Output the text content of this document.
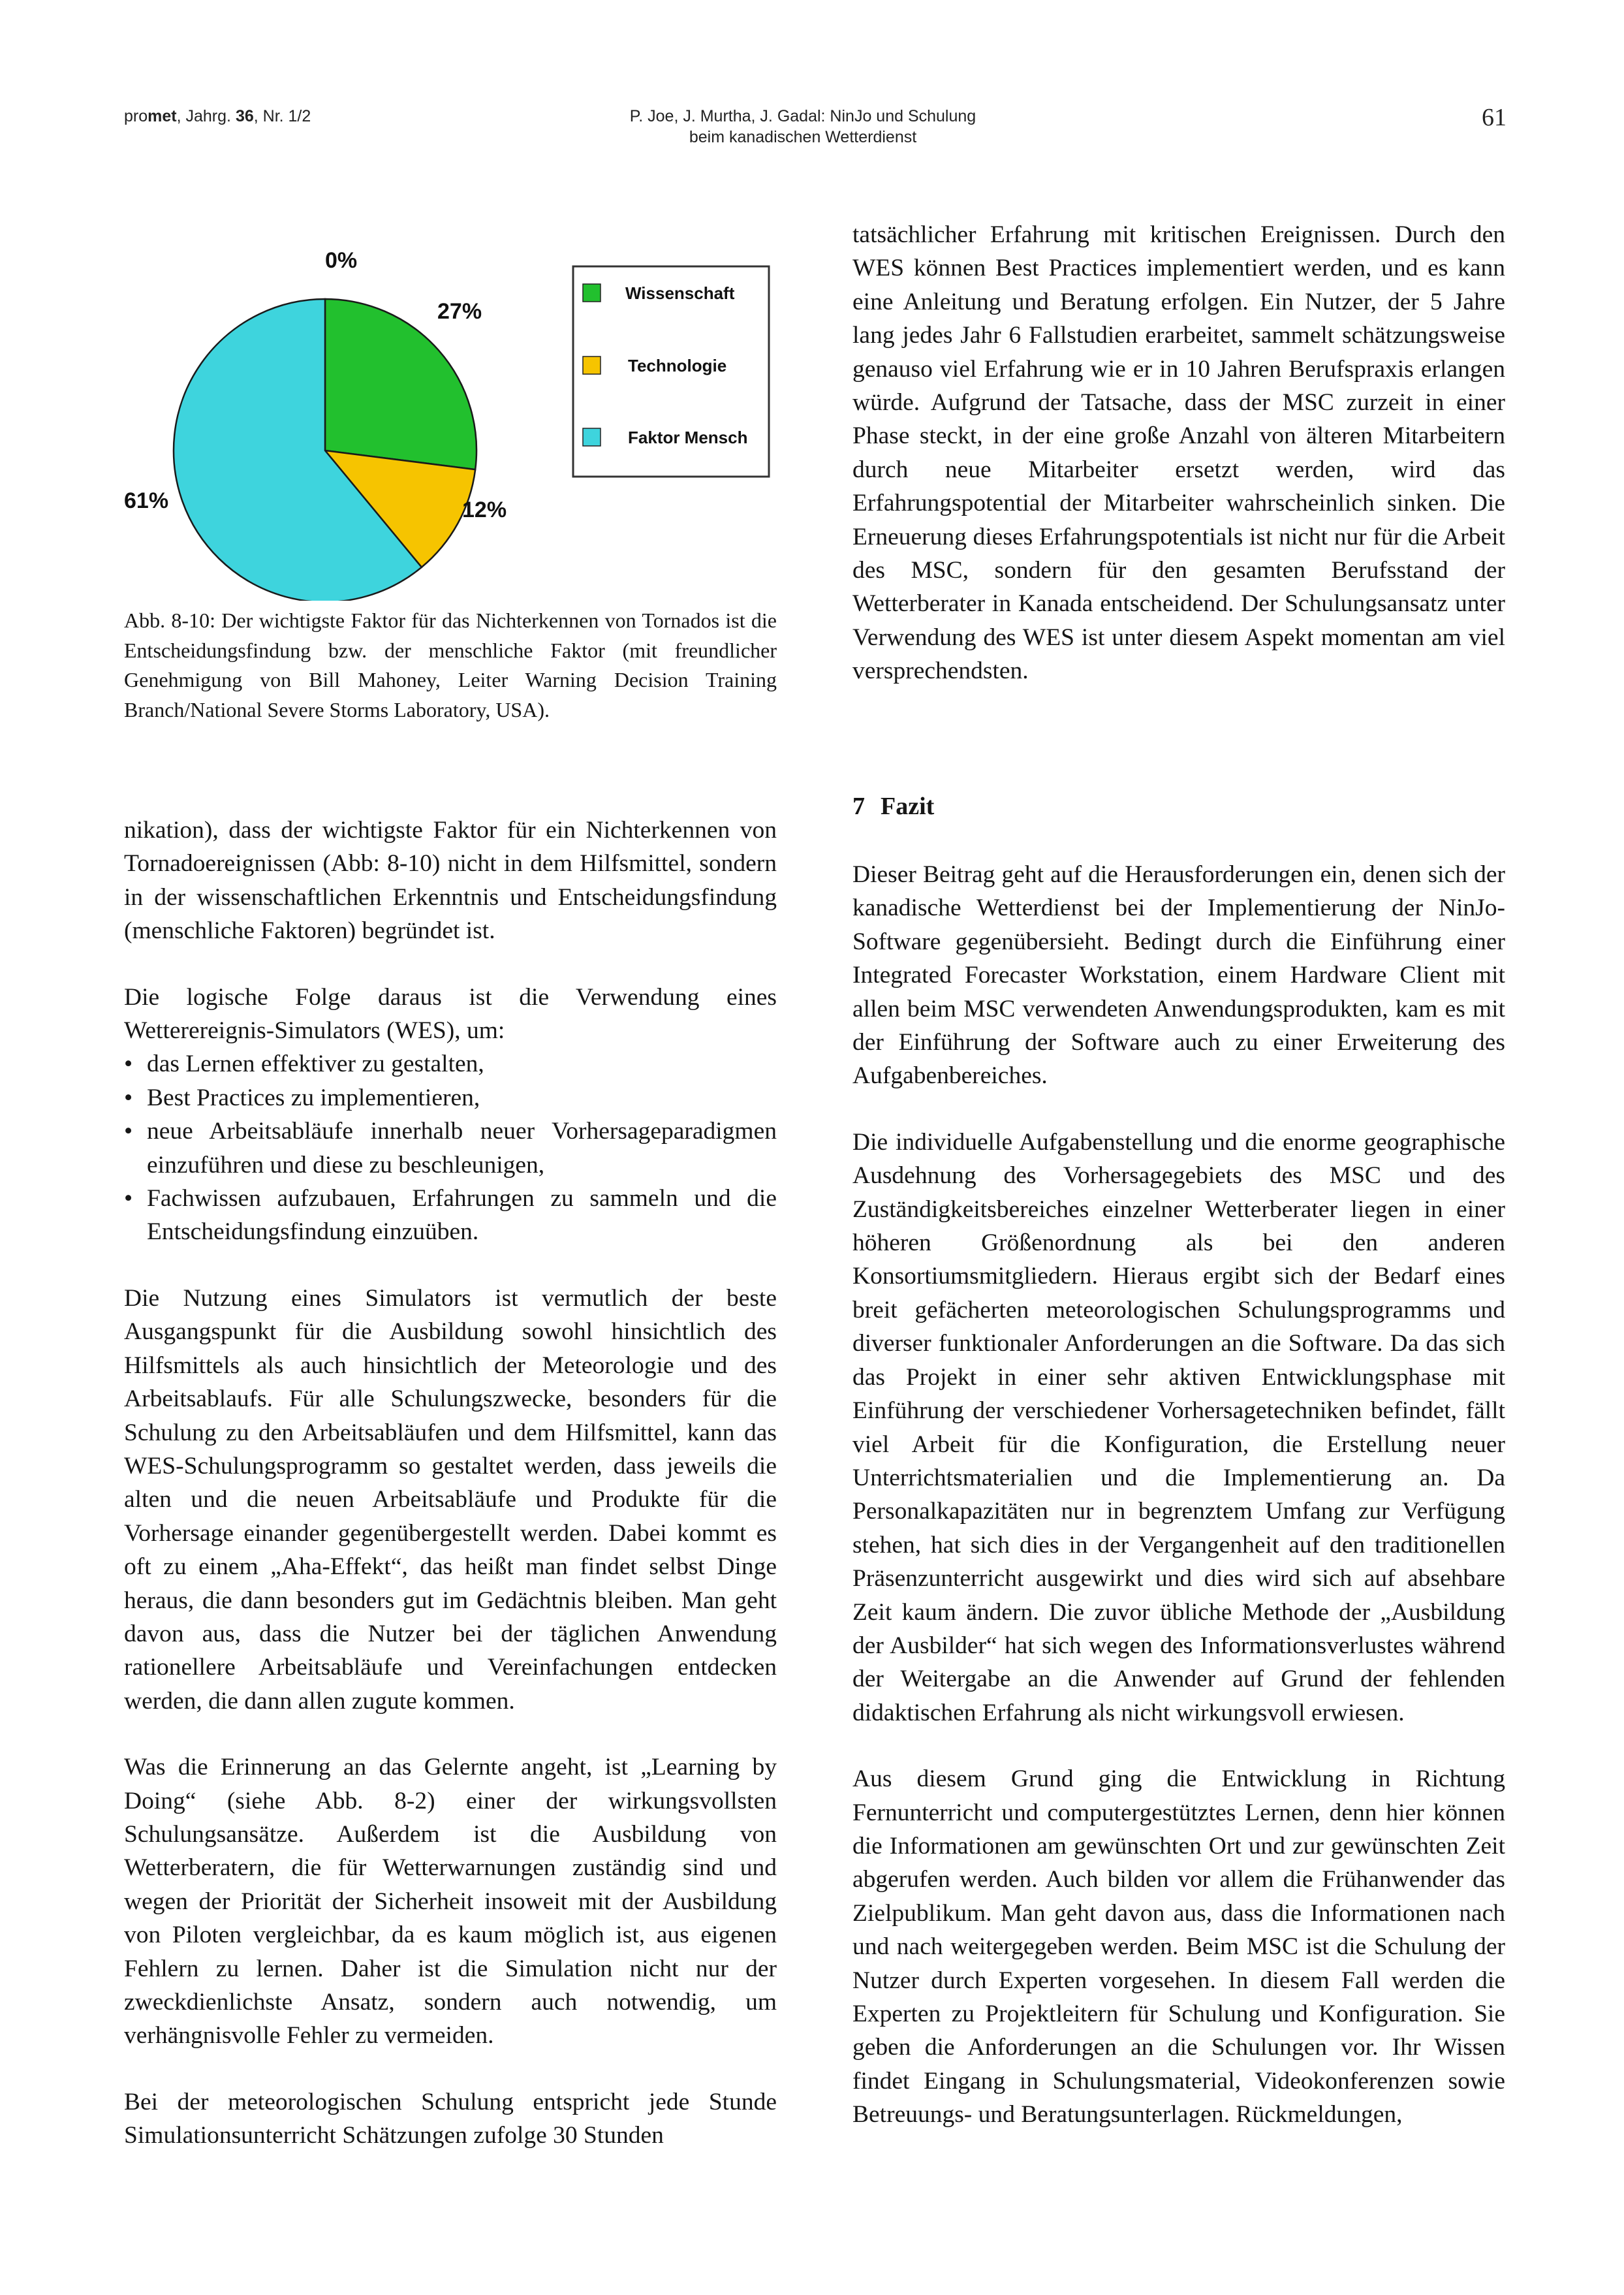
promet, Jahrg. 36, Nr. 1/2	P. Joe, J. Murtha, J. Gadal: NinJo und Schulung
beim kanadischen Wetterdienst
61
0%
27%
12%
61%
Wissenschaft
Technologie
Faktor Mensch
Abb. 8-10: Der wichtigste Faktor für das Nichterkennen von Tornados ist die Entscheidungsfindung bzw. der menschliche Faktor (mit freundlicher Genehmigung von Bill Mahoney, Leiter Warning Decision Training Branch/National Severe Storms Laboratory, USA).

nikation), dass der wichtigste Faktor für ein Nichterkennen von Tornadoereignissen (Abb: 8-10) nicht in dem Hilfsmittel, sondern in der wissenschaftlichen Erkenntnis und Entscheidungsfindung (menschliche Faktoren) begründet ist.

Die logische Folge daraus ist die Verwendung eines Wetterereignis-Simulators (WES), um:

• das Lernen effektiver zu gestalten,
• Best Practices zu implementieren,
• neue Arbeitsabläufe innerhalb neuer Vorhersageparadigmen einzuführen und diese zu beschleunigen,
• Fachwissen aufzubauen, Erfahrungen zu sammeln und die Entscheidungsfindung einzuüben.

Die Nutzung eines Simulators ist vermutlich der beste Ausgangspunkt für die Ausbildung sowohl hinsichtlich des Hilfsmittels als auch hinsichtlich der Meteorologie und des Arbeitsablaufs. Für alle Schulungszwecke, besonders für die Schulung zu den Arbeitsabläufen und dem Hilfsmittel, kann das WES-Schulungsprogramm so gestaltet werden, dass jeweils die alten und die neuen Arbeitsabläufe und Produkte für die Vorhersage einander gegenübergestellt werden. Dabei kommt es oft zu einem „Aha-Effekt“, das heißt man findet selbst Dinge heraus, die dann besonders gut im Gedächtnis bleiben. Man geht davon aus, dass die Nutzer bei der täglichen Anwendung rationellere Arbeitsabläufe und Vereinfachungen entdecken werden, die dann allen zugute kommen.

Was die Erinnerung an das Gelernte angeht, ist „Learning by Doing“ (siehe Abb. 8-2) einer der wirkungsvollsten Schulungsansätze. Außerdem ist die Ausbildung von Wetterberatern, die für Wetterwarnungen zuständig sind und wegen der Priorität der Sicherheit insoweit mit der Ausbildung von Piloten vergleichbar, da es kaum möglich ist, aus eigenen Fehlern zu lernen. Daher ist die Simulation nicht nur der zweckdienlichste Ansatz, sondern auch notwendig, um verhängnisvolle Fehler zu vermeiden.

Bei der meteorologischen Schulung entspricht jede Stunde Simulationsunterricht Schätzungen zufolge 30 Stunden

tatsächlicher Erfahrung mit kritischen Ereignissen. Durch den WES können Best Practices implementiert werden, und es kann eine Anleitung und Beratung erfolgen. Ein Nutzer, der 5 Jahre lang jedes Jahr 6 Fallstudien erarbeitet, sammelt schätzungsweise genauso viel Erfahrung wie er in 10 Jahren Berufspraxis erlangen würde. Aufgrund der Tatsache, dass der MSC zurzeit in einer Phase steckt, in der eine große Anzahl von älteren Mitarbeitern durch neue Mitarbeiter ersetzt werden, wird das Erfahrungspotential der Mitarbeiter wahrscheinlich sinken. Die Erneuerung dieses Erfahrungspotentials ist nicht nur für die Arbeit des MSC, sondern für den gesamten Berufsstand der Wetterberater in Kanada entscheidend. Der Schulungsansatz unter Verwendung des WES ist unter diesem Aspekt momentan am viel versprechendsten.

7 Fazit

Dieser Beitrag geht auf die Herausforderungen ein, denen sich der kanadische Wetterdienst bei der Implementierung der NinJo-Software gegenübersieht. Bedingt durch die Einführung einer Integrated Forecaster Workstation, einem Hardware Client mit allen beim MSC verwendeten Anwendungsprodukten, kam es mit der Einführung der Software auch zu einer Erweiterung des Aufgabenbereiches.

Die individuelle Aufgabenstellung und die enorme geographische Ausdehnung des Vorhersagegebiets des MSC und des Zuständigkeitsbereiches einzelner Wetterberater liegen in einer höheren Größenordnung als bei den anderen Konsortiumsmitgliedern. Hieraus ergibt sich der Bedarf eines breit gefächerten meteorologischen Schulungsprogramms und diverser funktionaler Anforderungen an die Software. Da das sich das Projekt in einer sehr aktiven Entwicklungsphase mit Einführung der verschiedener Vorhersagetechniken befindet, fällt viel Arbeit für die Konfiguration, die Erstellung neuer Unterrichtsmaterialien und die Implementierung an. Da Personalkapazitäten nur in begrenztem Umfang zur Verfügung stehen, hat sich dies in der Vergangenheit auf den traditionellen Präsenzunterricht ausgewirkt und dies wird sich auf absehbare Zeit kaum ändern. Die zuvor übliche Methode der „Ausbildung der Ausbilder“ hat sich wegen des Informationsverlustes während der Weitergabe an die Anwender auf Grund der fehlenden didaktischen Erfahrung als nicht wirkungsvoll erwiesen.

Aus diesem Grund ging die Entwicklung in Richtung Fernunterricht und computergestütztes Lernen, denn hier können die Informationen am gewünschten Ort und zur gewünschten Zeit abgerufen werden. Auch bilden vor allem die Frühanwender das Zielpublikum. Man geht davon aus, dass die Informationen nach und nach weitergegeben werden. Beim MSC ist die Schulung der Nutzer durch Experten vorgesehen. In diesem Fall werden die Experten zu Projektleitern für Schulung und Konfiguration. Sie geben die Anforderungen an die Schulungen vor. Ihr Wissen findet Eingang in Schulungsmaterial, Videokonferenzen sowie Betreuungs- und Beratungsunterlagen. Rückmeldungen,
